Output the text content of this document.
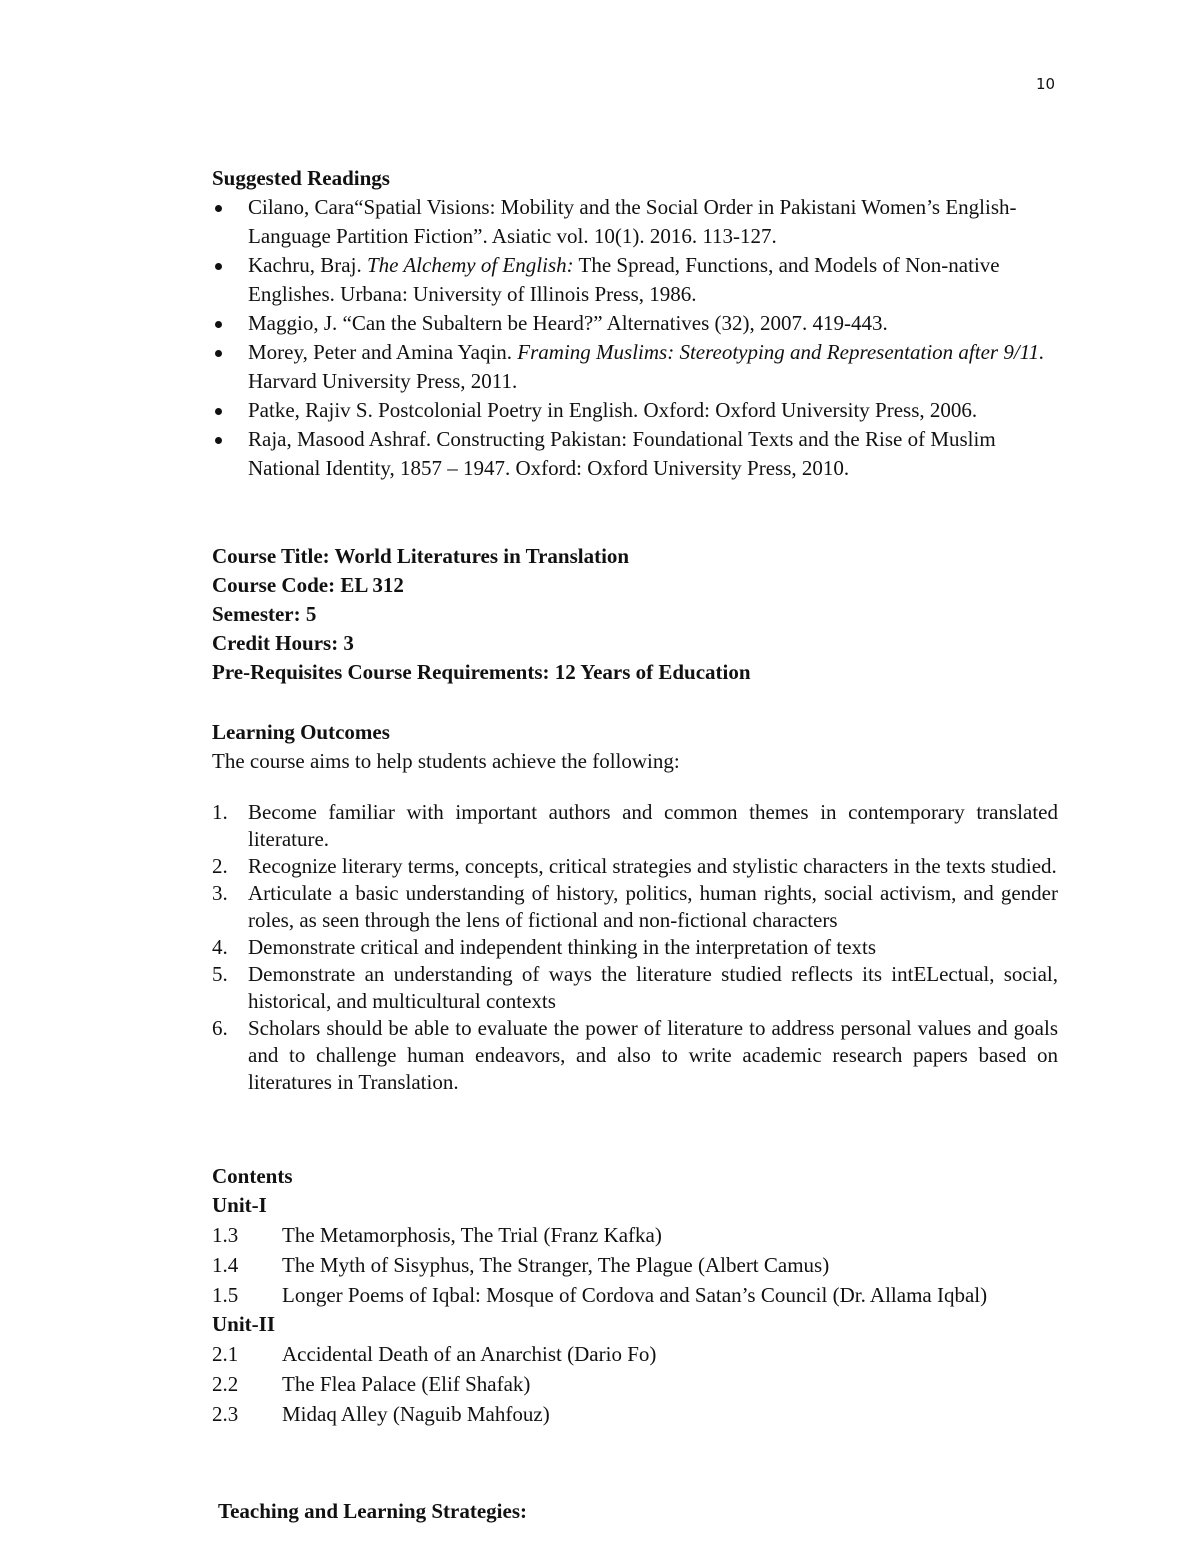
10
Suggested Readings
Cilano, Cara“Spatial Visions: Mobility and the Social Order in Pakistani Women’s English-Language Partition Fiction”. Asiatic vol. 10(1). 2016. 113-127.
Kachru, Braj. The Alchemy of English: The Spread, Functions, and Models of Non-native Englishes. Urbana: University of Illinois Press, 1986.
Maggio, J. “Can the Subaltern be Heard?” Alternatives (32), 2007. 419-443.
Morey, Peter and Amina Yaqin. Framing Muslims: Stereotyping and Representation after 9/11. Harvard University Press, 2011.
Patke, Rajiv S. Postcolonial Poetry in English. Oxford: Oxford University Press, 2006.
Raja, Masood Ashraf. Constructing Pakistan: Foundational Texts and the Rise of Muslim National Identity, 1857 – 1947. Oxford: Oxford University Press, 2010.
Course Title: World Literatures in Translation
Course Code: EL 312
Semester: 5
Credit Hours: 3
Pre-Requisites Course Requirements: 12 Years of Education
Learning Outcomes
The course aims to help students achieve the following:
1. Become familiar with important authors and common themes in contemporary translated literature.
2. Recognize literary terms, concepts, critical strategies and stylistic characters in the texts studied.
3. Articulate a basic understanding of history, politics, human rights, social activism, and gender roles, as seen through the lens of fictional and non-fictional characters
4. Demonstrate critical and independent thinking in the interpretation of texts
5. Demonstrate an understanding of ways the literature studied reflects its intELectual, social, historical, and multicultural contexts
6. Scholars should be able to evaluate the power of literature to address personal values and goals and to challenge human endeavors, and also to write academic research papers based on literatures in Translation.
Contents
Unit-I
1.3 The Metamorphosis, The Trial (Franz Kafka)
1.4 The Myth of Sisyphus, The Stranger, The Plague (Albert Camus)
1.5 Longer Poems of Iqbal: Mosque of Cordova and Satan’s Council (Dr. Allama Iqbal)
Unit-II
2.1 Accidental Death of an Anarchist (Dario Fo)
2.2 The Flea Palace (Elif Shafak)
2.3 Midaq Alley (Naguib Mahfouz)
Teaching and Learning Strategies:
